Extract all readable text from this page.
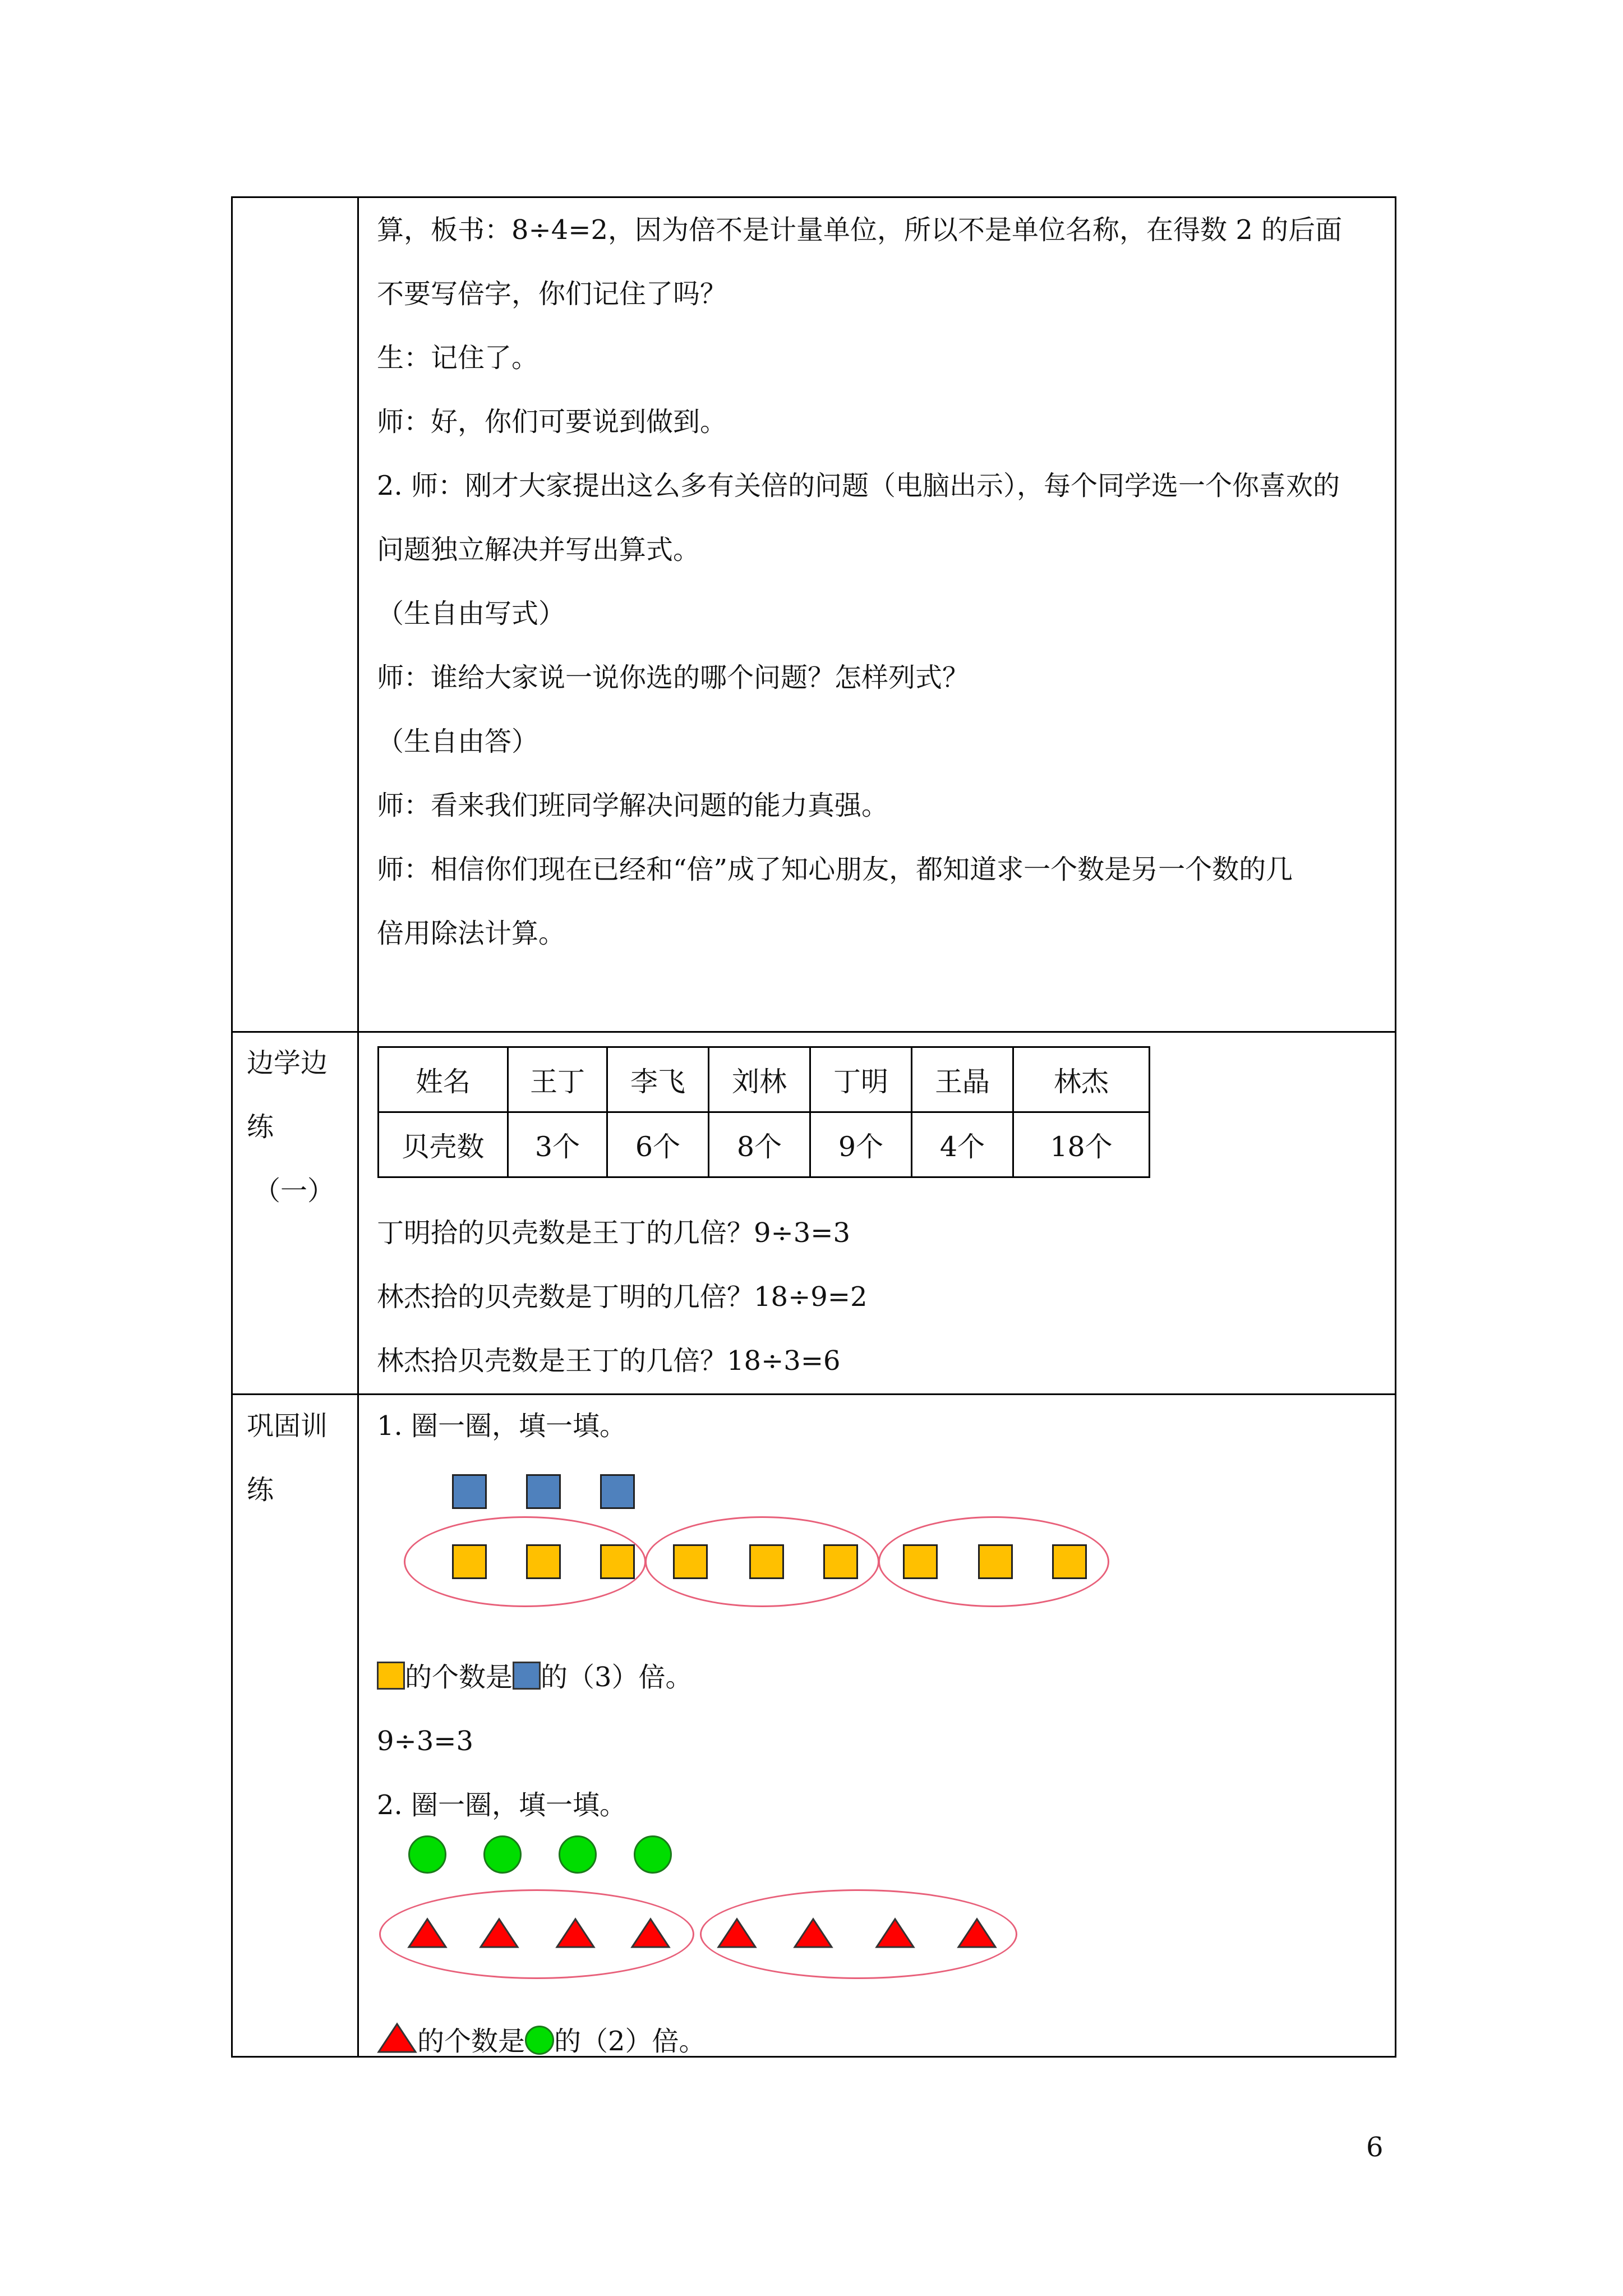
算，板书：8÷4=2，因为倍不是计量单位，所以不是单位名称，在得数 2 的后面
不要写倍字，你们记住了吗？
生：记住了。
师：好，你们可要说到做到。
2. 师：刚才大家提出这么多有关倍的问题（电脑出示），每个同学选一个你喜欢的
问题独立解决并写出算式。
（生自由写式）
师：谁给大家说一说你选的哪个问题？怎样列式？
（生自由答）
师：看来我们班同学解决问题的能力真强。
师：相信你们现在已经和“倍”成了知心朋友，都知道求一个数是另一个数的几
倍用除法计算。
边学边
练
（一）
姓名	王丁	李飞	刘林	丁明	王晶	林杰
贝壳数	3个	6个	8个	9个	4个	18个
丁明拾的贝壳数是王丁的几倍？9÷3=3
林杰拾的贝壳数是丁明的几倍？18÷9=2
林杰拾贝壳数是王丁的几倍？18÷3=6
巩固训
练
1. 圈一圈，填一填。
的个数是 的（3）倍。
9÷3=3
2. 圈一圈，填一填。
的个数是 的（2）倍。
6
